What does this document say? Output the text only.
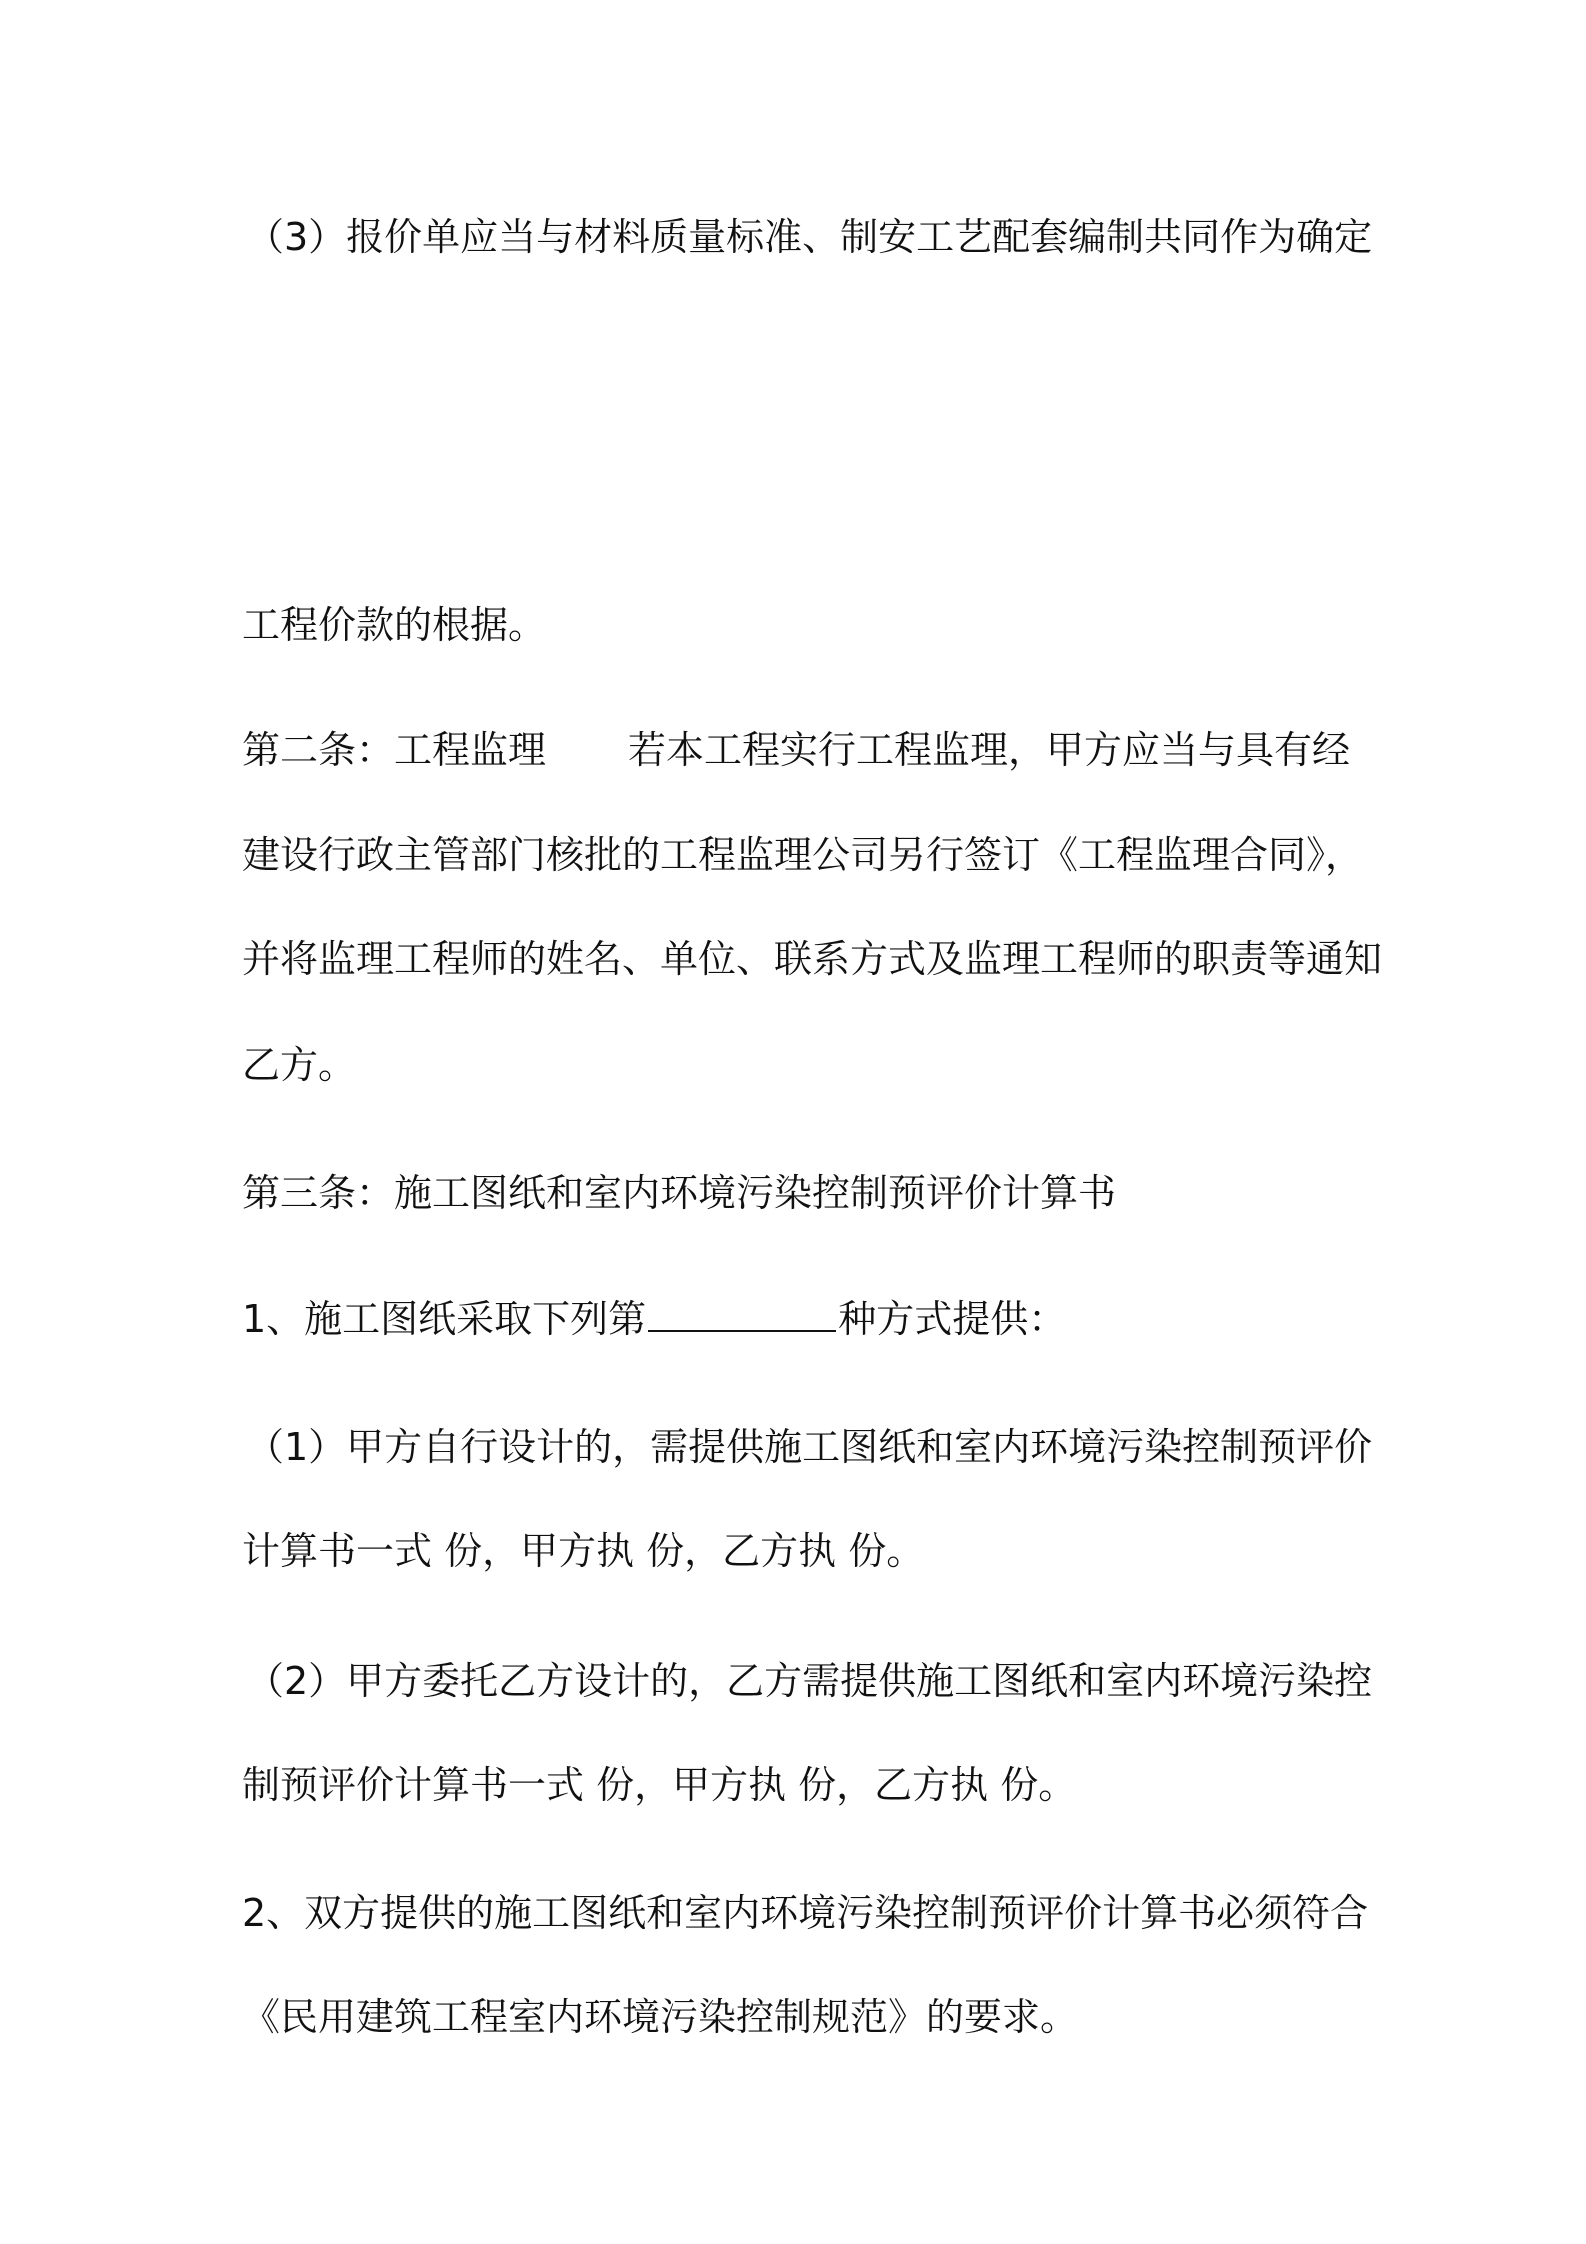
（3）报价单应当与材料质量标准、制安工艺配套编制共同作为确定
工程价款的根据。
第二条：工程监理 若本工程实行工程监理，甲方应当与具有经
建设行政主管部门核批的工程监理公司另行签订《工程监理合同》，
并将监理工程师的姓名、单位、联系方式及监理工程师的职责等通知
乙方。
第三条：施工图纸和室内环境污染控制预评价计算书
1、施工图纸采取下列第	种方式提供：
（1）甲方自行设计的，需提供施工图纸和室内环境污染控制预评价
计算书一式 份，甲方执 份，乙方执 份。
（2）甲方委托乙方设计的，乙方需提供施工图纸和室内环境污染控
制预评价计算书一式 份，甲方执 份，乙方执 份。
2、双方提供的施工图纸和室内环境污染控制预评价计算书必须符合
《民用建筑工程室内环境污染控制规范》的要求。
